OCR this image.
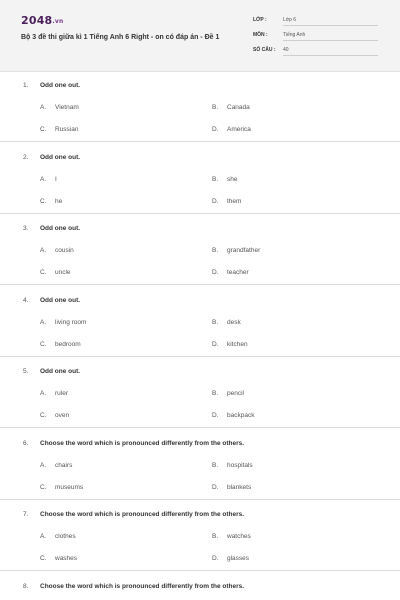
2048.vn
Bộ 3 đề thi giữa kì 1 Tiếng Anh 6 Right - on có đáp án - Đề 1
LỚP :	Lớp 6
MÔN :	Tiếng Anh
SỐ CÂU : 40
1. Odd one out.
A. Vietnam	B. Canada
C. Russian	D. America
2. Odd one out.
A. I	B. she
C. he	D. them
3. Odd one out.
A. cousin	B. grandfather
C. uncle	D. teacher
4. Odd one out.
A. living room	B. desk
C. bedroom	D. kitchen
5. Odd one out.
A. ruler	B. pencil
C. oven	D. backpack
6. Choose the word which is pronounced differently from the others.
A. chairs	B. hospitals
C. museums	D. blankets
7. Choose the word which is pronounced differently from the others.
A. clothes	B. watches
C. washes	D. glasses
8. Choose the word which is pronounced differently from the others.
